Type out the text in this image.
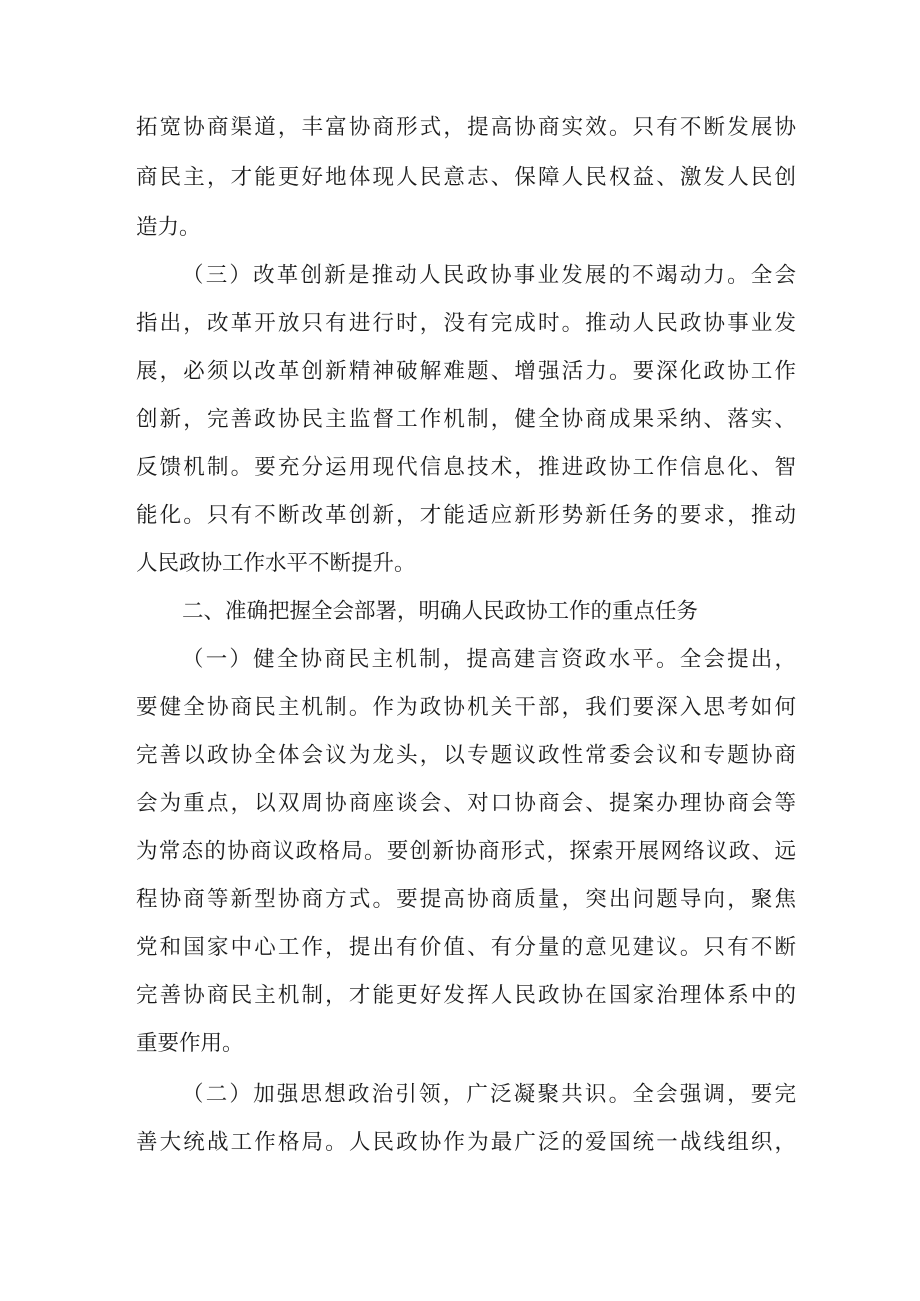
拓宽协商渠道，丰富协商形式，提高协商实效。只有不断发展协
商民主，才能更好地体现人民意志、保障人民权益、激发人民创
造力。
（三）改革创新是推动人民政协事业发展的不竭动力。全会
指出，改革开放只有进行时，没有完成时。推动人民政协事业发
展，必须以改革创新精神破解难题、增强活力。要深化政协工作
创新，完善政协民主监督工作机制，健全协商成果采纳、落实、
反馈机制。要充分运用现代信息技术，推进政协工作信息化、智
能化。只有不断改革创新，才能适应新形势新任务的要求，推动
人民政协工作水平不断提升。
二、准确把握全会部署，明确人民政协工作的重点任务
（一）健全协商民主机制，提高建言资政水平。全会提出，
要健全协商民主机制。作为政协机关干部，我们要深入思考如何
完善以政协全体会议为龙头，以专题议政性常委会议和专题协商
会为重点，以双周协商座谈会、对口协商会、提案办理协商会等
为常态的协商议政格局。要创新协商形式，探索开展网络议政、远
程协商等新型协商方式。要提高协商质量，突出问题导向，聚焦
党和国家中心工作，提出有价值、有分量的意见建议。只有不断
完善协商民主机制，才能更好发挥人民政协在国家治理体系中的
重要作用。
（二）加强思想政治引领，广泛凝聚共识。全会强调，要完
善大统战工作格局。人民政协作为最广泛的爱国统一战线组织，
